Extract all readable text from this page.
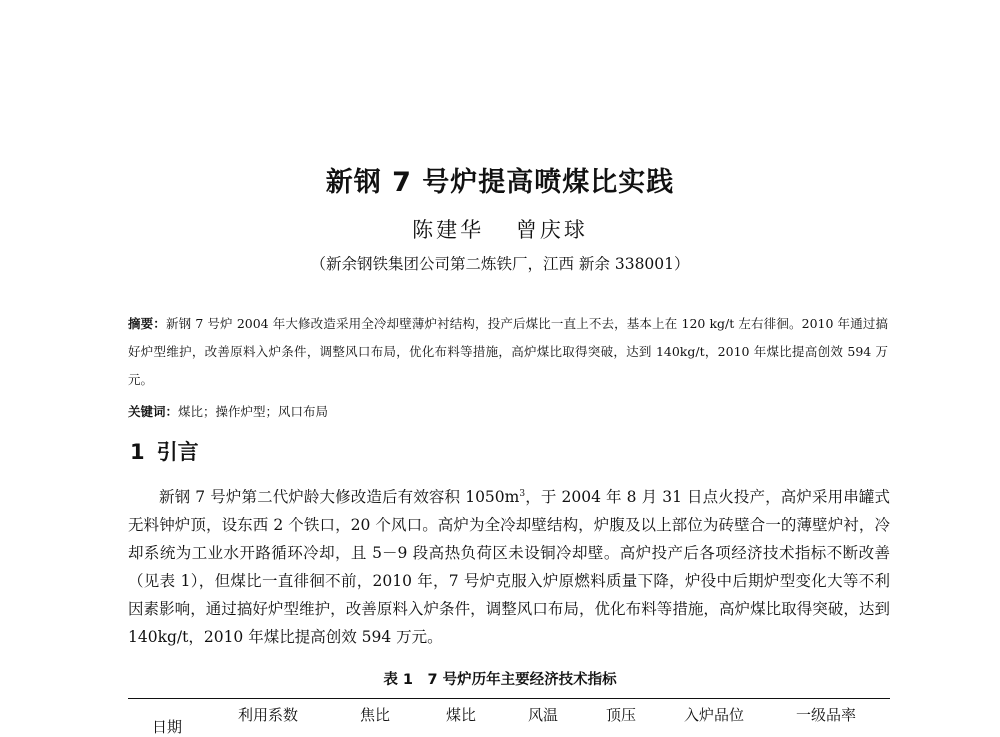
新钢 7 号炉提高喷煤比实践
陈建华 曾庆球
（新余钢铁集团公司第二炼铁厂，江西 新余 338001）
摘要：新钢 7 号炉 2004 年大修改造采用全冷却壁薄炉衬结构，投产后煤比一直上不去，基本上在 120 kg/t 左右徘徊。2010 年通过搞好炉型维护，改善原料入炉条件，调整风口布局，优化布料等措施，高炉煤比取得突破，达到 140kg/t，2010 年煤比提高创效 594 万元。
关键词：煤比；操作炉型；风口布局
1 引言
新钢 7 号炉第二代炉龄大修改造后有效容积 $1050m^3$，于 2004 年 8 月 31 日点火投产，高炉采用串罐式无料钟炉顶，设东西 2 个铁口，20 个风口。高炉为全冷却壁结构，炉腹及以上部位为砖壁合一的薄壁炉衬，冷却系统为工业水开路循环冷却，且 5－9 段高热负荷区未设铜冷却壁。高炉投产后各项经济技术指标不断改善（见表 1），但煤比一直徘徊不前，2010 年，7 号炉克服入炉原燃料质量下降，炉役中后期炉型变化大等不利因素影响，通过搞好炉型维护，改善原料入炉条件，调整风口布局，优化布料等措施，高炉煤比取得突破，达到 140kg/t，2010 年煤比提高创效 594 万元。
表 1　7 号炉历年主要经济技术指标
日期
利用系数	焦比	煤比	风温	顶压	入炉品位	一级品率
